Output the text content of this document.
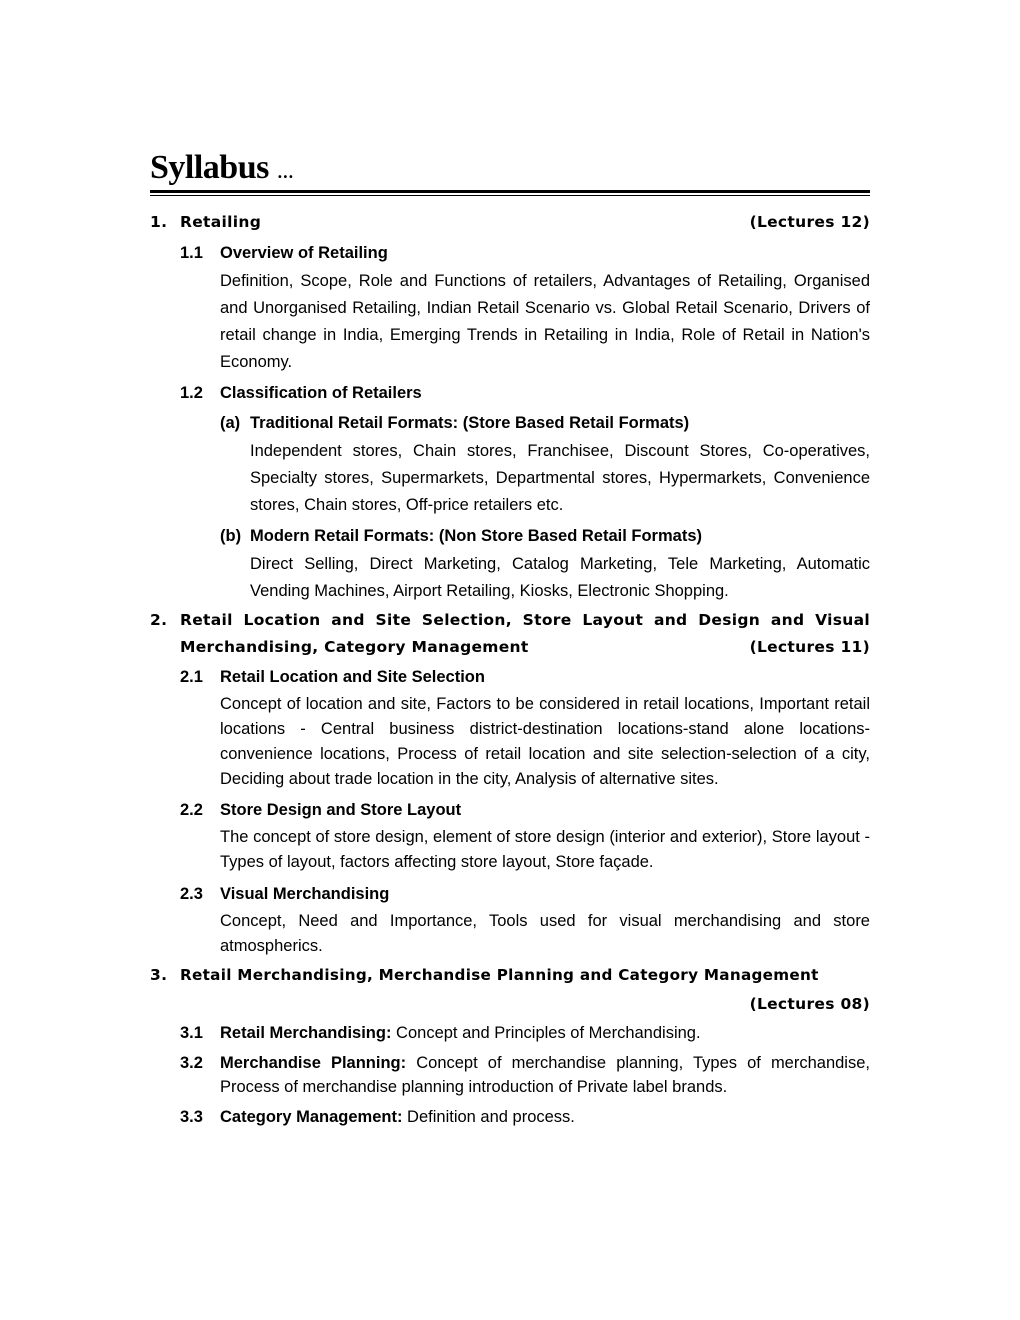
Syllabus ...
1. Retailing	(Lectures 12)
1.1 Overview of Retailing
Definition, Scope, Role and Functions of retailers, Advantages of Retailing, Organised and Unorganised Retailing, Indian Retail Scenario vs. Global Retail Scenario, Drivers of retail change in India, Emerging Trends in Retailing in India, Role of Retail in Nation's Economy.
1.2 Classification of Retailers
(a) Traditional Retail Formats: (Store Based Retail Formats)
Independent stores, Chain stores, Franchisee, Discount Stores, Co-operatives, Specialty stores, Supermarkets, Departmental stores, Hypermarkets, Convenience stores, Chain stores, Off-price retailers etc.
(b) Modern Retail Formats: (Non Store Based Retail Formats)
Direct Selling, Direct Marketing, Catalog Marketing, Tele Marketing, Automatic Vending Machines, Airport Retailing, Kiosks, Electronic Shopping.
2. Retail Location and Site Selection, Store Layout and Design and Visual
Merchandising, Category Management	(Lectures 11)
2.1 Retail Location and Site Selection
Concept of location and site, Factors to be considered in retail locations, Important retail locations - Central business district-destination locations-stand alone locations-convenience locations, Process of retail location and site selection-selection of a city, Deciding about trade location in the city, Analysis of alternative sites.
2.2 Store Design and Store Layout
The concept of store design, element of store design (interior and exterior), Store layout - Types of layout, factors affecting store layout, Store façade.
2.3 Visual Merchandising
Concept, Need and Importance, Tools used for visual merchandising and store atmospherics.
3. Retail Merchandising, Merchandise Planning and Category Management
(Lectures 08)
3.1 Retail Merchandising: Concept and Principles of Merchandising.
3.2 Merchandise Planning: Concept of merchandise planning, Types of merchandise, Process of merchandise planning introduction of Private label brands.
3.3 Category Management: Definition and process.
